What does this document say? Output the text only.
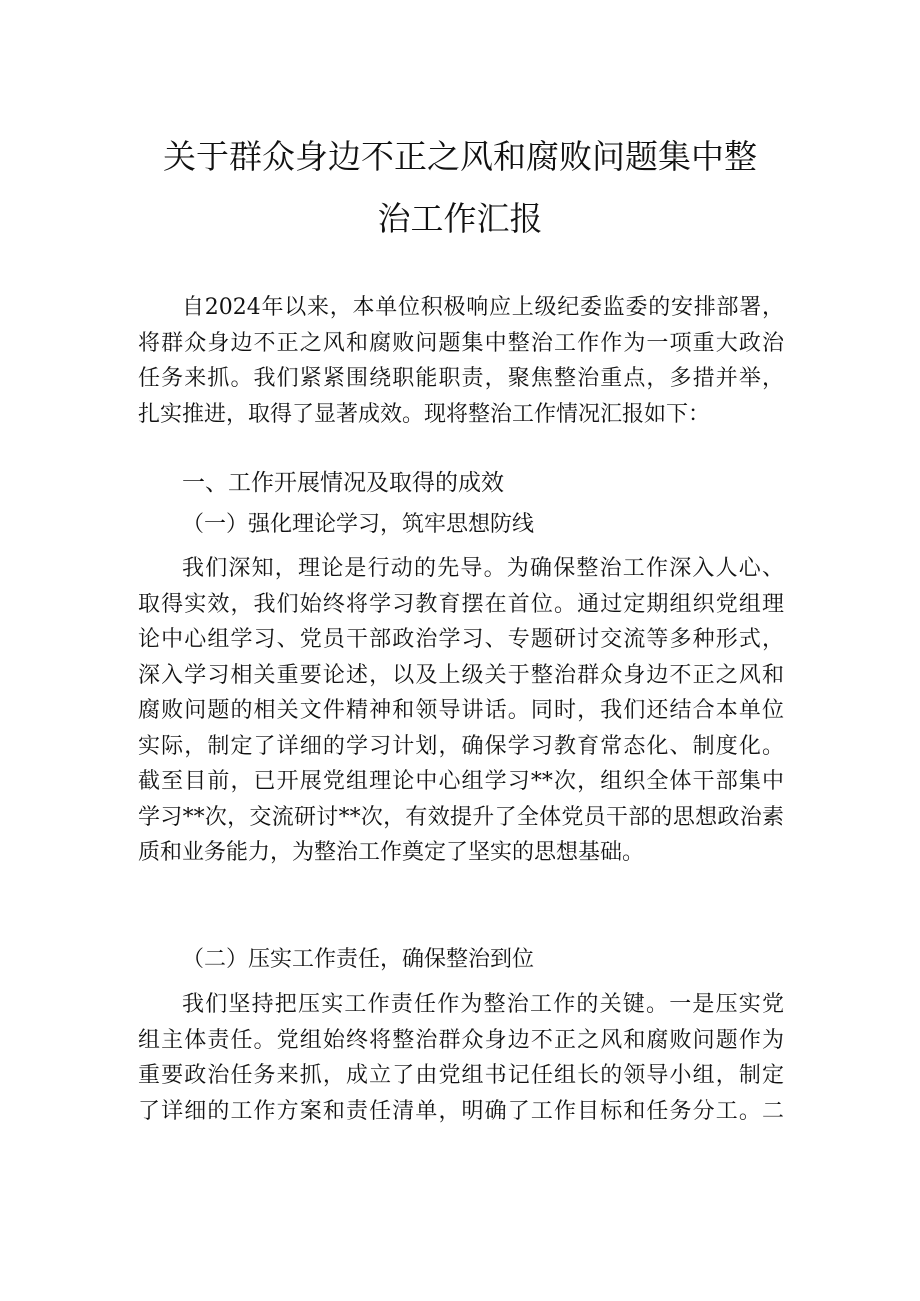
关于群众身边不正之风和腐败问题集中整
治工作汇报
自2024年以来，本单位积极响应上级纪委监委的安排部署，
将群众身边不正之风和腐败问题集中整治工作作为一项重大政治
任务来抓。我们紧紧围绕职能职责，聚焦整治重点，多措并举，
扎实推进，取得了显著成效。现将整治工作情况汇报如下：
一、工作开展情况及取得的成效
（一）强化理论学习，筑牢思想防线
我们深知，理论是行动的先导。为确保整治工作深入人心、
取得实效，我们始终将学习教育摆在首位。通过定期组织党组理
论中心组学习、党员干部政治学习、专题研讨交流等多种形式，
深入学习相关重要论述，以及上级关于整治群众身边不正之风和
腐败问题的相关文件精神和领导讲话。同时，我们还结合本单位
实际，制定了详细的学习计划，确保学习教育常态化、制度化。
截至目前，已开展党组理论中心组学习**次，组织全体干部集中
学习**次，交流研讨**次，有效提升了全体党员干部的思想政治素
质和业务能力，为整治工作奠定了坚实的思想基础。
（二）压实工作责任，确保整治到位
我们坚持把压实工作责任作为整治工作的关键。一是压实党
组主体责任。党组始终将整治群众身边不正之风和腐败问题作为
重要政治任务来抓，成立了由党组书记任组长的领导小组，制定
了详细的工作方案和责任清单，明确了工作目标和任务分工。二
